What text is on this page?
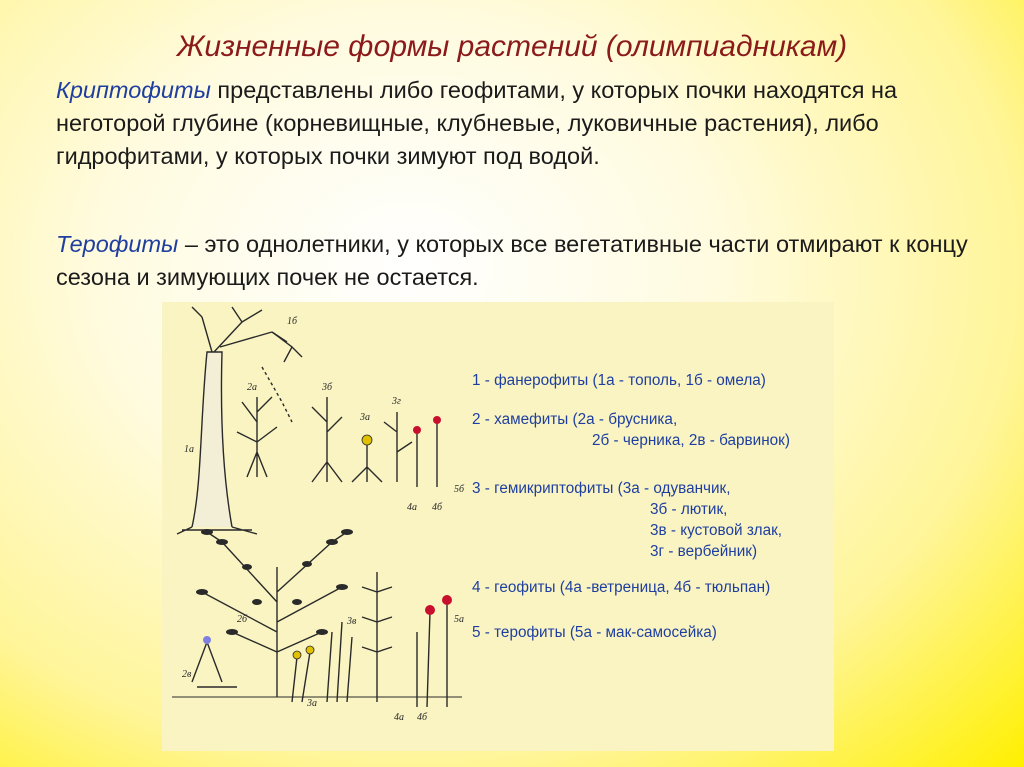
Жизненные формы растений (олимпиадникам)
Криптофиты представлены либо геофитами, у которых почки находятся на неготорой глубине (корневищные, клубневые, луковичные растения), либо гидрофитами, у которых почки зимуют под водой.
Терофиты – это однолетники, у которых все вегетативные части отмирают к концу сезона и зимующих почек не остается.
1а
1б
2а	3б
3а
3г
4а 4б
5б
2в
2б	3в
3а
4а 4б
5а
1 - фанерофиты (1а - тополь, 1б - омела)
2 - хамефиты (2а - брусника,
2б - черника, 2в - барвинок)
3 - гемикриптофиты (3а - одуванчик,
3б - лютик,
3в - кустовой злак,
3г - вербейник)
4 - геофиты (4а -ветреница, 4б - тюльпан)
5 - терофиты (5а - мак-самосейка)
